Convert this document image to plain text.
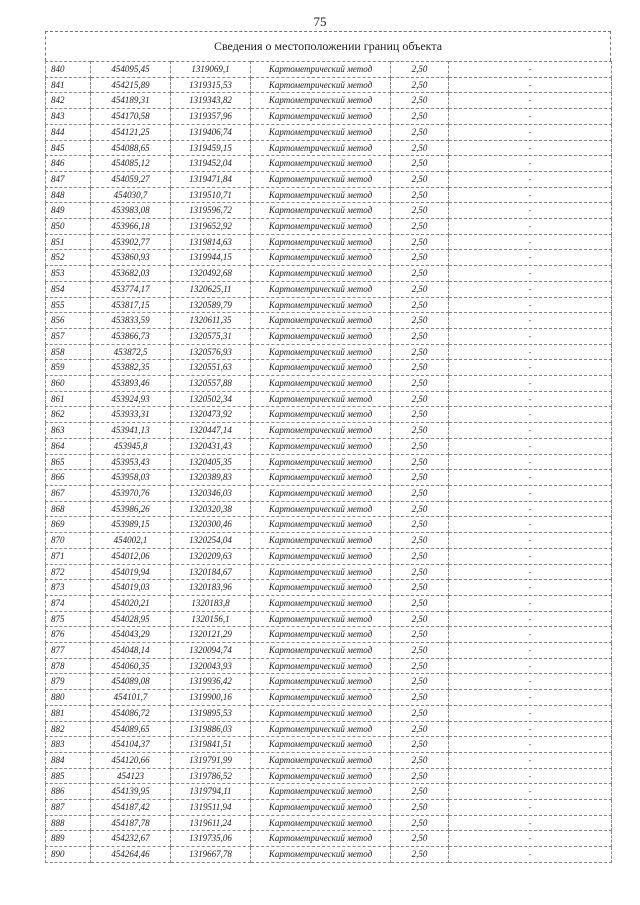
75
Сведения о местоположении границ объекта
840	454095,45	1319069,1	Картометрический метод	2,50	-
841	454215,89	1319315,53	Картометрический метод	2,50	-
842	454189,31	1319343,82	Картометрический метод	2,50	-
843	454170,58	1319357,96	Картометрический метод	2,50	-
844	454121,25	1319406,74	Картометрический метод	2,50	-
845	454088,65	1319459,15	Картометрический метод	2,50	-
846	454085,12	1319452,04	Картометрический метод	2,50	-
847	454059,27	1319471,84	Картометрический метод	2,50	-
848	454030,7	1319510,71	Картометрический метод	2,50	-
849	453983,08	1319596,72	Картометрический метод	2,50	-
850	453966,18	1319652,92	Картометрический метод	2,50	-
851	453902,77	1319814,63	Картометрический метод	2,50	-
852	453860,93	1319944,15	Картометрический метод	2,50	-
853	453682,03	1320492,68	Картометрический метод	2,50	-
854	453774,17	1320625,11	Картометрический метод	2,50	-
855	453817,15	1320589,79	Картометрический метод	2,50	-
856	453833,59	1320611,35	Картометрический метод	2,50	-
857	453866,73	1320575,31	Картометрический метод	2,50	-
858	453872,5	1320576,93	Картометрический метод	2,50	-
859	453882,35	1320551,63	Картометрический метод	2,50	-
860	453893,46	1320557,88	Картометрический метод	2,50	-
861	453924,93	1320502,34	Картометрический метод	2,50	-
862	453933,31	1320473,92	Картометрический метод	2,50	-
863	453941,13	1320447,14	Картометрический метод	2,50	-
864	453945,8	1320431,43	Картометрический метод	2,50	-
865	453953,43	1320405,35	Картометрический метод	2,50	-
866	453958,03	1320389,83	Картометрический метод	2,50	-
867	453970,76	1320346,03	Картометрический метод	2,50	-
868	453986,26	1320320,38	Картометрический метод	2,50	-
869	453989,15	1320300,46	Картометрический метод	2,50	-
870	454002,1	1320254,04	Картометрический метод	2,50	-
871	454012,06	1320209,63	Картометрический метод	2,50	-
872	454019,94	1320184,67	Картометрический метод	2,50	-
873	454019,03	1320183,96	Картометрический метод	2,50	-
874	454020,21	1320183,8	Картометрический метод	2,50	-
875	454028,95	1320156,1	Картометрический метод	2,50	-
876	454043,29	1320121,29	Картометрический метод	2,50	-
877	454048,14	1320094,74	Картометрический метод	2,50	-
878	454060,35	1320043,93	Картометрический метод	2,50	-
879	454089,08	1319936,42	Картометрический метод	2,50	-
880	454101,7	1319900,16	Картометрический метод	2,50	-
881	454086,72	1319895,53	Картометрический метод	2,50	-
882	454089,65	1319886,03	Картометрический метод	2,50	-
883	454104,37	1319841,51	Картометрический метод	2,50	-
884	454120,66	1319791,99	Картометрический метод	2,50	-
885	454123	1319786,52	Картометрический метод	2,50	-
886	454139,95	1319794,11	Картометрический метод	2,50	-
887	454187,42	1319511,94	Картометрический метод	2,50	-
888	454187,78	1319611,24	Картометрический метод	2,50	-
889	454232,67	1319735,06	Картометрический метод	2,50	-
890	454264,46	1319667,78	Картометрический метод	2,50	-
